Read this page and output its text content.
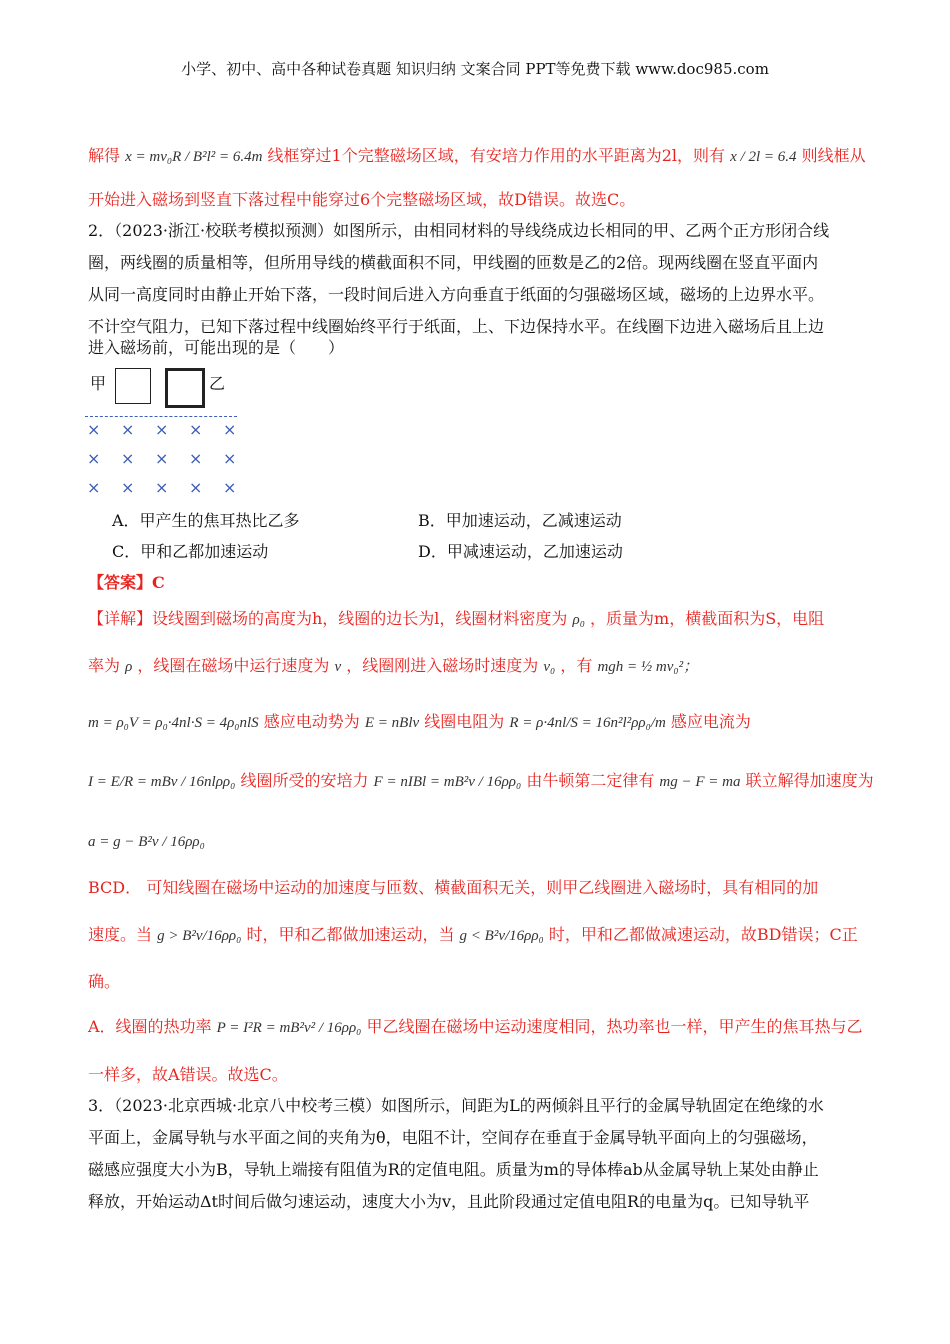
小学、初中、高中各种试卷真题 知识归纳 文案合同 PPT等免费下载 www.doc985.com
解得 x = mv₀R / B²l² = 6.4m 线框穿过1个完整磁场区域，有安培力作用的水平距离为2l，则有 x / 2l = 6.4 则线框从
开始进入磁场到竖直下落过程中能穿过6个完整磁场区域，故D错误。故选C。
2．（2023·浙江·校联考模拟预测）如图所示，由相同材料的导线绕成边长相同的甲、乙两个正方形闭合线
圈，两线圈的质量相等，但所用导线的横截面积不同，甲线圈的匝数是乙的2倍。现两线圈在竖直平面内
从同一高度同时由静止开始下落，一段时间后进入方向垂直于纸面的匀强磁场区域，磁场的上边界水平。
不计空气阻力，已知下落过程中线圈始终平行于纸面，上、下边保持水平。在线圈下边进入磁场后且上边
进入磁场前，可能出现的是（　　）
甲	乙
× × × × ×
× × × × ×
× × × × ×
A．甲产生的焦耳热比乙多	B．甲加速运动，乙减速运动
C．甲和乙都加速运动	D．甲减速运动，乙加速运动
【答案】C
【详解】设线圈到磁场的高度为h，线圈的边长为l，线圈材料密度为 ρ₀ ，质量为m，横截面积为S，电阻
率为 ρ ，线圈在磁场中运行速度为 v ，线圈刚进入磁场时速度为 v₀ ，有 mgh = ½ mv₀²；
m = ρ₀V = ρ₀·4nl·S = 4ρ₀nlS 感应电动势为 E = nBlv 线圈电阻为 R = ρ·4nl/S = 16n²l²ρρ₀/m 感应电流为
I = E/R = mBv / 16nlρρ₀ 线圈所受的安培力 F = nIBl = mB²v / 16ρρ₀ 由牛顿第二定律有 mg − F = ma 联立解得加速度为
a = g − B²v / 16ρρ₀
BCD． 可知线圈在磁场中运动的加速度与匝数、横截面积无关，则甲乙线圈进入磁场时，具有相同的加
速度。当 g > B²v/16ρρ₀ 时，甲和乙都做加速运动，当 g < B²v/16ρρ₀ 时，甲和乙都做减速运动，故BD错误；C正
确。
A．线圈的热功率 P = I²R = mB²v² / 16ρρ₀ 甲乙线圈在磁场中运动速度相同，热功率也一样，甲产生的焦耳热与乙
一样多，故A错误。故选C。
3．（2023·北京西城·北京八中校考三模）如图所示，间距为L的两倾斜且平行的金属导轨固定在绝缘的水
平面上，金属导轨与水平面之间的夹角为θ，电阻不计，空间存在垂直于金属导轨平面向上的匀强磁场，
磁感应强度大小为B，导轨上端接有阻值为R的定值电阻。质量为m的导体棒ab从金属导轨上某处由静止
释放，开始运动Δt时间后做匀速运动，速度大小为v，且此阶段通过定值电阻R的电量为q。已知导轨平
